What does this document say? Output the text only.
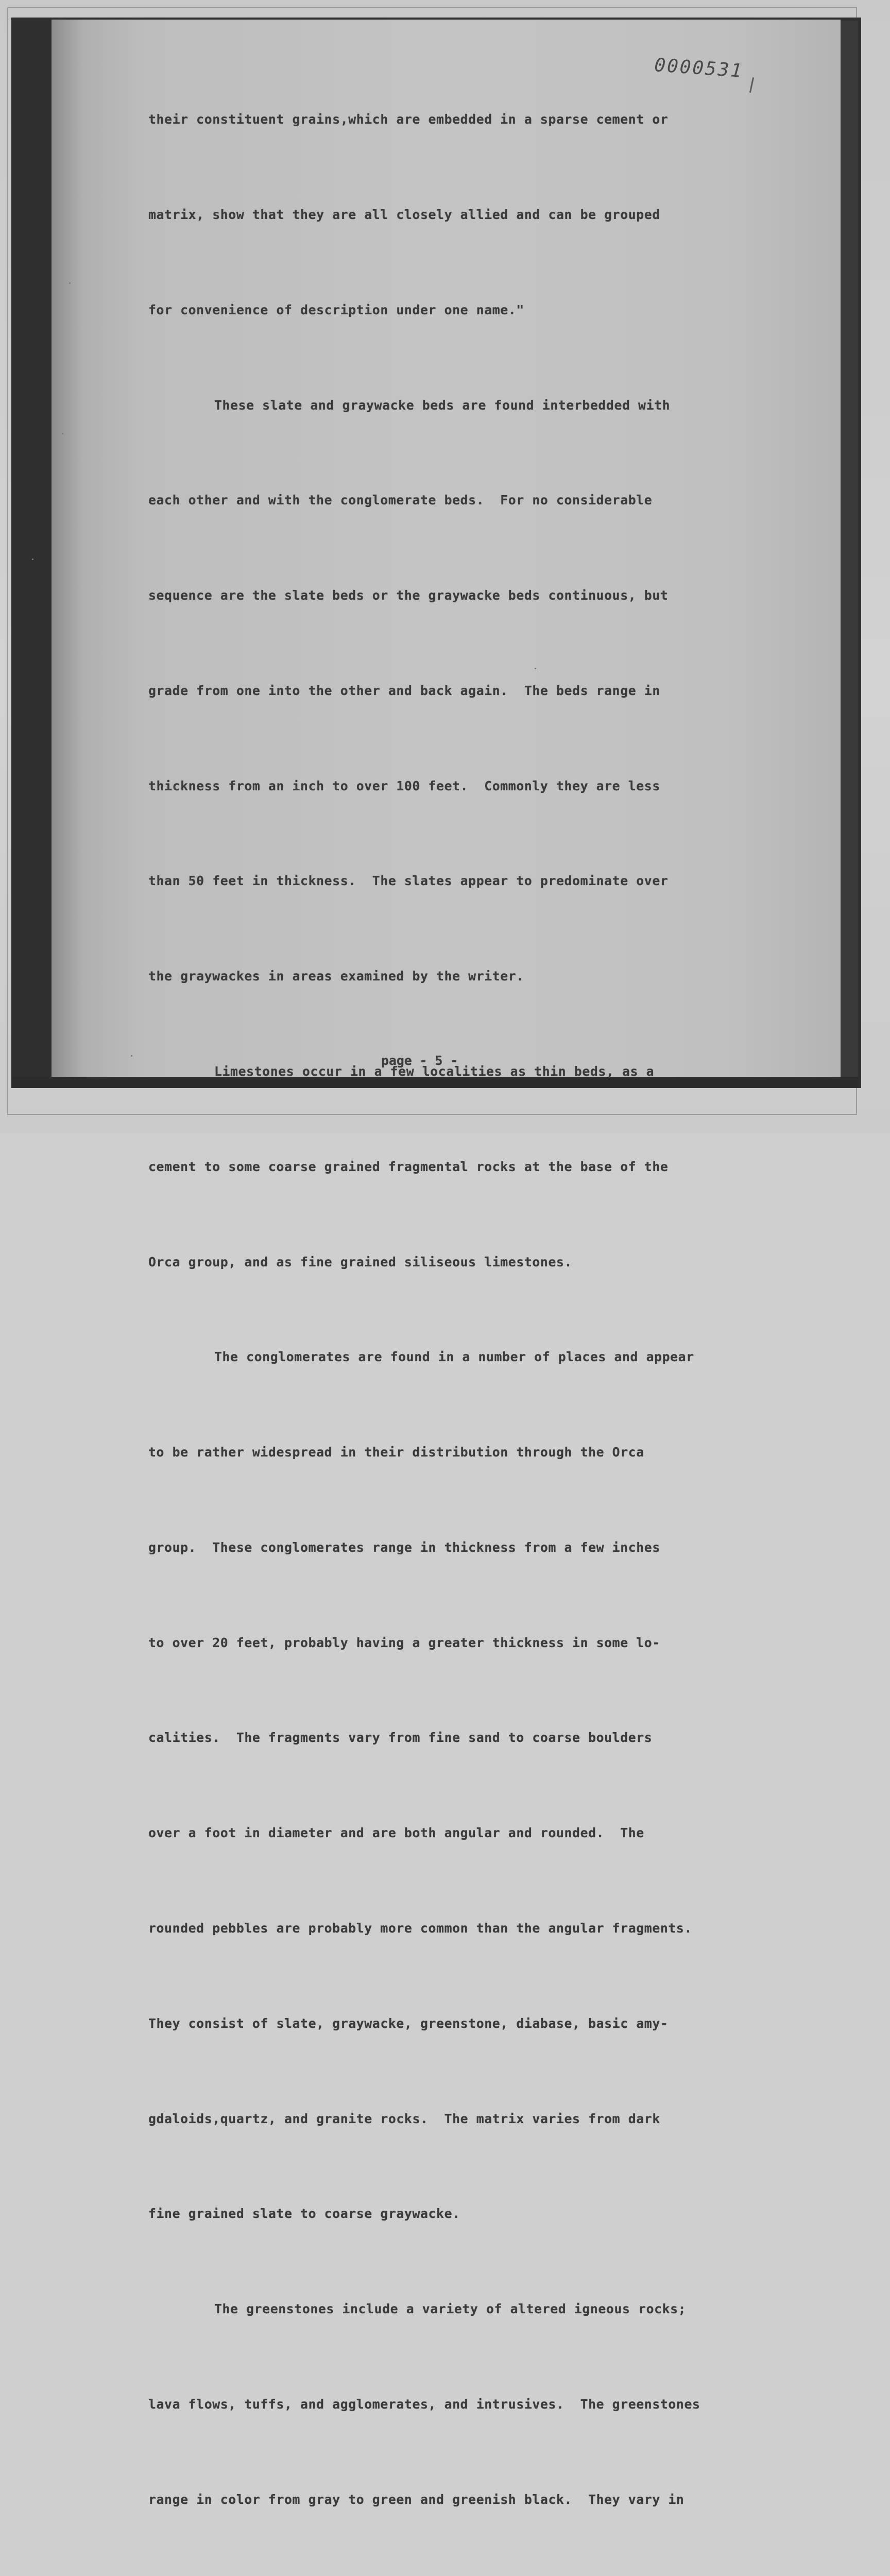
0000531

their constituent grains,which are embedded in a sparse cement or

matrix, show that they are all closely allied and can be grouped

for convenience of description under one name."

These slate and graywacke beds are found interbedded with

each other and with the conglomerate beds.  For no considerable

sequence are the slate beds or the graywacke beds continuous, but

grade from one into the other and back again.  The beds range in

thickness from an inch to over 100 feet.  Commonly they are less

than 50 feet in thickness.  The slates appear to predominate over

the graywackes in areas examined by the writer.

Limestones occur in a few localities as thin beds, as a

cement to some coarse grained fragmental rocks at the base of the

Orca group, and as fine grained siliseous limestones.

The conglomerates are found in a number of places and appear

to be rather widespread in their distribution through the Orca

group.  These conglomerates range in thickness from a few inches

to over 20 feet, probably having a greater thickness in some lo-

calities.  The fragments vary from fine sand to coarse boulders

over a foot in diameter and are both angular and rounded.  The

rounded pebbles are probably more common than the angular fragments.

They consist of slate, graywacke, greenstone, diabase, basic amy-

gdaloids,quartz, and granite rocks.  The matrix varies from dark

fine grained slate to coarse graywacke.

The greenstones include a variety of altered igneous rocks;

lava flows, tuffs, and agglomerates, and intrusives.  The greenstones

range in color from gray to green and greenish black.  They vary in

page - 5 -
